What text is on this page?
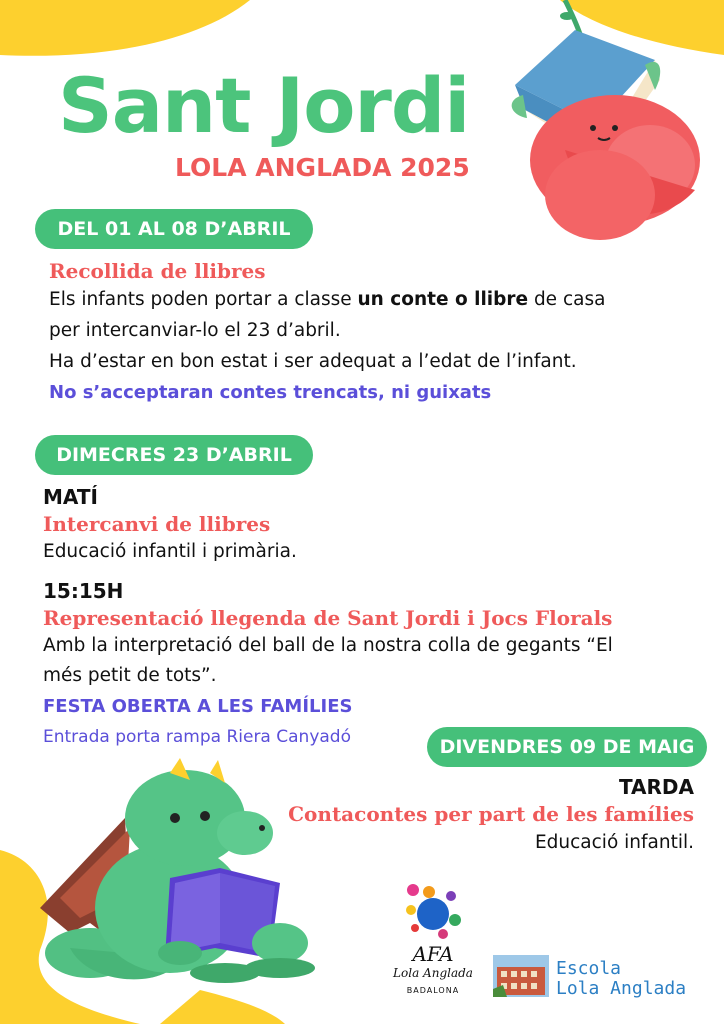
Sant Jordi
LOLA ANGLADA 2025
DEL 01 AL 08 D’ABRIL
Recollida de llibres
Els infants poden portar a classe un conte o llibre de casa
per intercanviar-lo el 23 d’abril.
Ha d’estar en bon estat i ser adequat a l’edat de l’infant.
No s’acceptaran contes trencats, ni guixats
DIMECRES 23 D’ABRIL
MATÍ
Intercanvi de llibres
Educació infantil i primària.
15:15H
Representació llegenda de Sant Jordi i Jocs Florals
Amb la interpretació del ball de la nostra colla de gegants “El
més petit de tots”.
FESTA OBERTA A LES FAMÍLIES
Entrada porta rampa Riera Canyadó	DIVENDRES 09 DE MAIG
TARDA
Contacontes per part de les famílies
Educació infantil.
AFA
Lola Anglada
BADALONA
Escola
Lola Anglada
